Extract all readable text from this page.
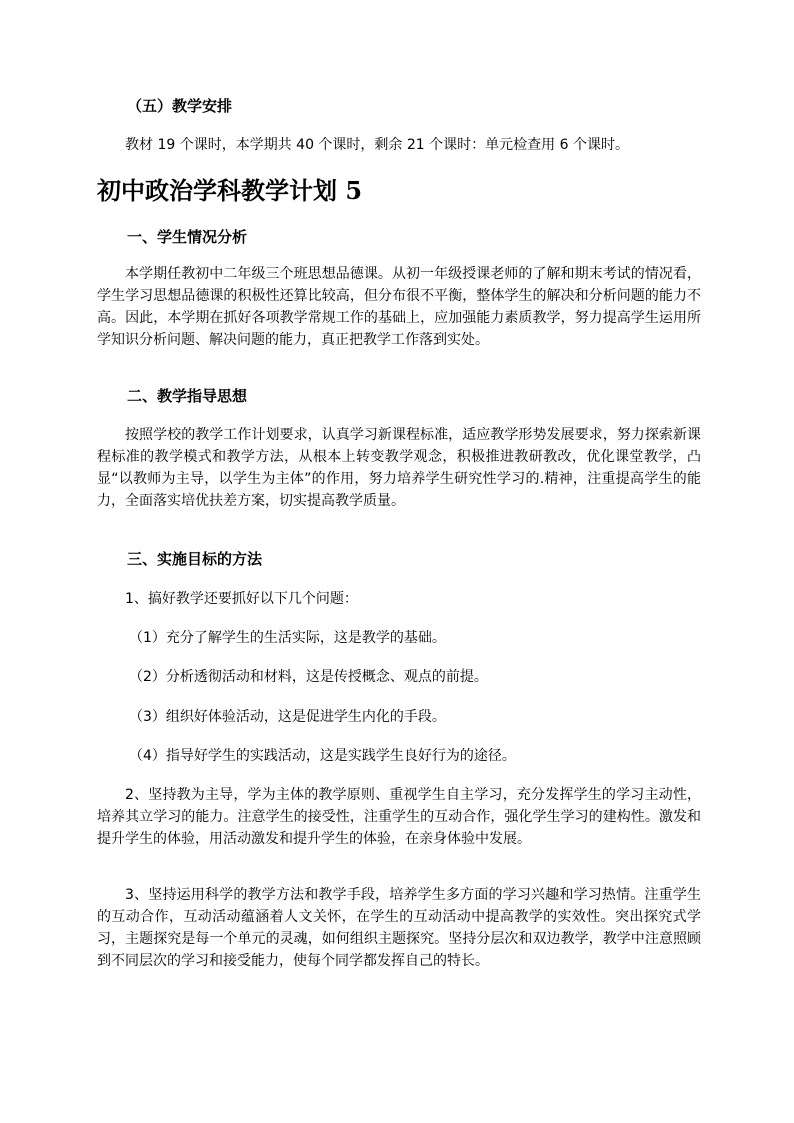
（五）教学安排
教材 19 个课时，本学期共 40 个课时，剩余 21 个课时：单元检查用 6 个课时。
初中政治学科教学计划 5
一、学生情况分析
本学期任教初中二年级三个班思想品德课。从初一年级授课老师的了解和期末考试的情况看，学生学习思想品德课的积极性还算比较高，但分布很不平衡，整体学生的解决和分析问题的能力不高。因此，本学期在抓好各项教学常规工作的基础上，应加强能力素质教学，努力提高学生运用所学知识分析问题、解决问题的能力，真正把教学工作落到实处。
二、教学指导思想
按照学校的教学工作计划要求，认真学习新课程标准，适应教学形势发展要求，努力探索新课程标准的教学模式和教学方法，从根本上转变教学观念，积极推进教研教改，优化课堂教学，凸显“以教师为主导，以学生为主体”的作用，努力培养学生研究性学习的.精神，注重提高学生的能力，全面落实培优扶差方案，切实提高教学质量。
三、实施目标的方法
1、搞好教学还要抓好以下几个问题：
（1）充分了解学生的生活实际，这是教学的基础。
（2）分析透彻活动和材料，这是传授概念、观点的前提。
（3）组织好体验活动，这是促进学生内化的手段。
（4）指导好学生的实践活动，这是实践学生良好行为的途径。
2、坚持教为主导，学为主体的教学原则、重视学生自主学习，充分发挥学生的学习主动性，培养其立学习的能力。注意学生的接受性，注重学生的互动合作，强化学生学习的建构性。激发和提升学生的体验，用活动激发和提升学生的体验，在亲身体验中发展。
3、坚持运用科学的教学方法和教学手段，培养学生多方面的学习兴趣和学习热情。注重学生的互动合作，互动活动蕴涵着人文关怀，在学生的互动活动中提高教学的实效性。突出探究式学习，主题探究是每一个单元的灵魂，如何组织主题探究。坚持分层次和双边教学，教学中注意照顾到不同层次的学习和接受能力，使每个同学都发挥自己的特长。
